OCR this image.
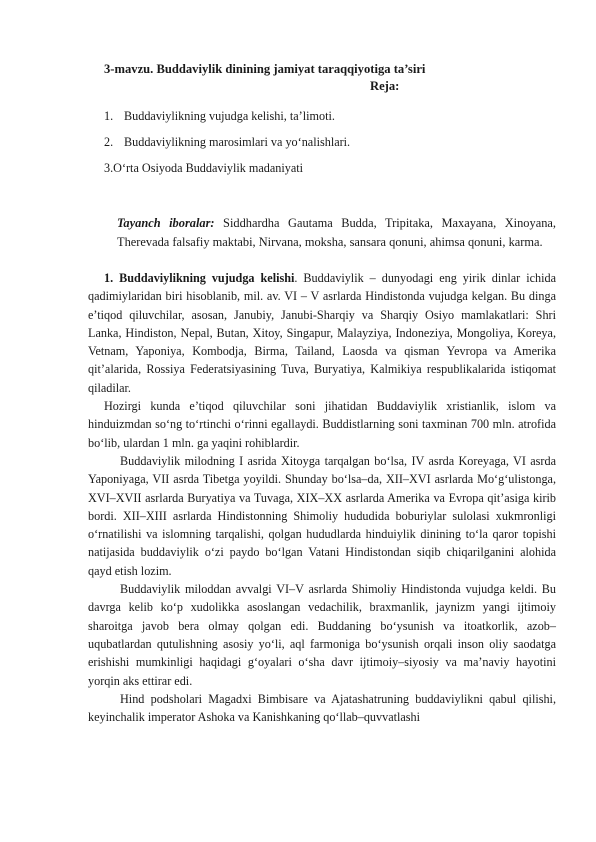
3-mavzu. Buddaviylik dinining jamiyat taraqqiyotiga ta’siri
Reja:
1. Buddaviylikning vujudga kelishi, ta’limoti.
2. Buddaviylikning marosimlari va yo‘nalishlari.
3.O‘rta Osiyoda Buddaviylik madaniyati

Tayanch iboralar: Siddhardha Gautama Budda, Tripitaka, Maxayana, Xinoyana, Therevada falsafiy maktabi, Nirvana, moksha, sansara qonuni, ahimsa qonuni, karma.

1. Buddaviylikning vujudga kelishi. Buddaviylik – dunyodagi eng yirik dinlar ichida qadimiylaridan biri hisoblanib, mil. av. VI – V asrlarda Hindistonda vujudga kelgan. Bu dinga e’tiqod qiluvchilar, asosan, Janubiy, Janubi-Sharqiy va Sharqiy Osiyo mamlakatlari: Shri Lanka, Hindiston, Nepal, Butan, Xitoy, Singapur, Malayziya, Indoneziya, Mongoliya, Koreya, Vetnam, Yaponiya, Kombodja, Birma, Tailand, Laosda va qisman Yevropa va Amerika qit’alarida, Rossiya Federatsiyasining Tuva, Buryatiya, Kalmikiya respublikalarida istiqomat qiladilar.

Hozirgi kunda e’tiqod qiluvchilar soni jihatidan Buddaviylik xristianlik, islom va hinduizmdan so‘ng to‘rtinchi o‘rinni egallaydi. Buddistlarning soni taxminan 700 mln. atrofida bo‘lib, ulardan 1 mln. ga yaqini rohiblardir.

Buddaviylik milodning I asrida Xitoyga tarqalgan bo‘lsa, IV asrda Koreyaga, VI asrda Yaponiyaga, VII asrda Tibetga yoyildi. Shunday bo‘lsa–da, XII–XVI asrlarda Mo‘g‘ulistonga, XVI–XVII asrlarda Buryatiya va Tuvaga, XIX–XX asrlarda Amerika va Evropa qit’asiga kirib bordi. XII–XIII asrlarda Hindistonning Shimoliy hududida boburiylar sulolasi xukmronligi o‘rnatilishi va islomning tarqalishi, qolgan hududlarda hinduiylik dinining to‘la qaror topishi natijasida buddaviylik o‘zi paydo bo‘lgan Vatani Hindistondan siqib chiqarilganini alohida qayd etish lozim.

Buddaviylik miloddan avvalgi VI–V asrlarda Shimoliy Hindistonda vujudga keldi. Bu davrga kelib ko‘p xudolikka asoslangan vedachilik, braxmanlik, jaynizm yangi ijtimoiy sharoitga javob bera olmay qolgan edi. Buddaning bo‘ysunish va itoatkorlik, azob–uqubatlardan qutulishning asosiy yo‘li, aql farmoniga bo‘ysunish orqali inson oliy saodatga erishishi mumkinligi haqidagi g‘oyalari o‘sha davr ijtimoiy–siyosiy va ma’naviy hayotini yorqin aks ettirar edi.

Hind podsholari Magadxi Bimbisare va Ajatashatruning buddaviylikni qabul qilishi, keyinchalik imperator Ashoka va Kanishkaning qo‘llab–quvvatlashi
